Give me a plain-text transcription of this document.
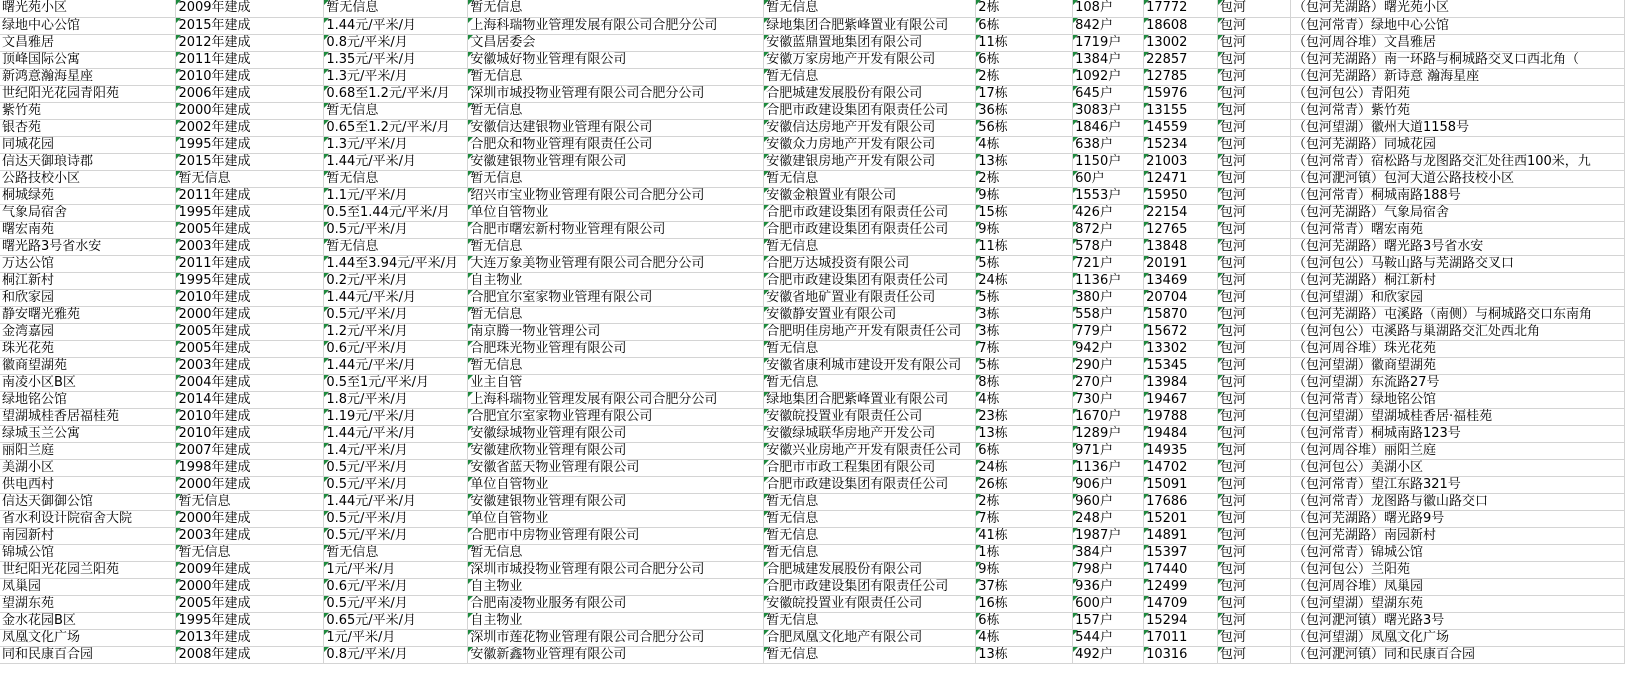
曙光苑小区	2009年建成	暂无信息	暂无信息	暂无信息	2栋	108户	17772	包河	（包河芜湖路）曙光苑小区
绿地中心公馆	2015年建成	1.44元/平米/月	上海科瑞物业管理发展有限公司合肥分公司	绿地集团合肥紫峰置业有限公司	6栋	842户	18608	包河	（包河常青）绿地中心公馆
文昌雅居	2012年建成	0.8元/平米/月	文昌居委会	安徽蓝鼎置地集团有限公司	11栋	1719户	13002	包河	（包河周谷堆）文昌雅居
顶峰国际公寓	2011年建成	1.35元/平米/月	安徽城好物业管理有限公司	安徽万家房地产开发有限公司	6栋	1384户	22857	包河	（包河芜湖路）南一环路与桐城路交叉口西北角（
新鸿意瀚海星座	2010年建成	1.3元/平米/月	暂无信息	暂无信息	2栋	1092户	12785	包河	（包河芜湖路）新诗意 瀚海星座
世纪阳光花园青阳苑	2006年建成	0.68至1.2元/平米/月	深圳市城投物业管理有限公司合肥分公司	合肥城建发展股份有限公司	17栋	645户	15976	包河	（包河包公）青阳苑
紫竹苑	2000年建成	暂无信息	暂无信息	合肥市政建设集团有限责任公司	36栋	3083户	13155	包河	（包河常青）紫竹苑
银杏苑	2002年建成	0.65至1.2元/平米/月	安徽信达建银物业管理有限公司	安徽信达房地产开发有限公司	56栋	1846户	14559	包河	（包河望湖）徽州大道1158号
同城花园	1995年建成	1.3元/平米/月	合肥众和物业管理有限责任公司	安徽众力房地产开发有限公司	4栋	638户	15234	包河	（包河芜湖路）同城花园
信达天御琅诗郡	2015年建成	1.44元/平米/月	安徽建银物业管理有限公司	安徽建银房地产开发有限公司	13栋	1150户	21003	包河	（包河常青）宿松路与龙图路交汇处往西100米，九
公路技校小区	暂无信息	暂无信息	暂无信息	暂无信息	2栋	60户	12471	包河	（包河淝河镇）包河大道公路技校小区
桐城绿苑	2011年建成	1.1元/平米/月	绍兴市宝业物业管理有限公司合肥分公司	安徽金粮置业有限公司	9栋	1553户	15950	包河	（包河常青）桐城南路188号
气象局宿舍	1995年建成	0.5至1.44元/平米/月	单位自管物业	合肥市政建设集团有限责任公司	15栋	426户	22154	包河	（包河芜湖路）气象局宿舍
曙宏南苑	2005年建成	0.5元/平米/月	合肥市曙宏新村物业管理有限公司	合肥市政建设集团有限责任公司	9栋	872户	12765	包河	（包河常青）曙宏南苑
曙光路3号省水安	2003年建成	暂无信息	暂无信息	暂无信息	11栋	578户	13848	包河	（包河芜湖路）曙光路3号省水安
万达公馆	2011年建成	1.44至3.94元/平米/月	大连万象美物业管理有限公司合肥分公司	合肥万达城投资有限公司	5栋	721户	20191	包河	（包河包公）马鞍山路与芜湖路交叉口
桐江新村	1995年建成	0.2元/平米/月	自主物业	合肥市政建设集团有限责任公司	24栋	1136户	13469	包河	（包河芜湖路）桐江新村
和欣家园	2010年建成	1.44元/平米/月	合肥宜尔室家物业管理有限公司	安徽省地矿置业有限责任公司	5栋	380户	20704	包河	（包河望湖）和欣家园
静安曙光雅苑	2000年建成	0.5元/平米/月	暂无信息	安徽静安置业有限公司	3栋	558户	15870	包河	（包河芜湖路）屯溪路（南侧）与桐城路交口东南角
金湾嘉园	2005年建成	1.2元/平米/月	南京腾一物业管理公司	合肥明佳房地产开发有限责任公司	3栋	779户	15672	包河	（包河包公）屯溪路与巢湖路交汇处西北角
珠光花苑	2005年建成	0.6元/平米/月	合肥珠光物业管理有限公司	暂无信息	7栋	942户	13302	包河	（包河周谷堆）珠光花苑
徽商望湖苑	2003年建成	1.44元/平米/月	暂无信息	安徽省康利城市建设开发有限公司	5栋	290户	15345	包河	（包河望湖）徽商望湖苑
南凌小区B区	2004年建成	0.5至1元/平米/月	业主自管	暂无信息	8栋	270户	13984	包河	（包河望湖）东流路27号
绿地铭公馆	2014年建成	1.8元/平米/月	上海科瑞物业管理发展有限公司合肥分公司	绿地集团合肥紫峰置业有限公司	4栋	730户	19467	包河	（包河常青）绿地铭公馆
望湖城桂香居福桂苑	2010年建成	1.19元/平米/月	合肥宜尔室家物业管理有限公司	安徽皖投置业有限责任公司	23栋	1670户	19788	包河	（包河望湖）望湖城桂香居·福桂苑
绿城玉兰公寓	2010年建成	1.44元/平米/月	安徽绿城物业管理有限公司	安徽绿城联华房地产开发公司	13栋	1289户	19484	包河	（包河常青）桐城南路123号
丽阳兰庭	2007年建成	1.4元/平米/月	安徽建欣物业管理有限公司	安徽兴业房地产开发有限责任公司	6栋	971户	14935	包河	（包河周谷堆）丽阳兰庭
美湖小区	1998年建成	0.5元/平米/月	安徽省蓝天物业管理有限公司	合肥市市政工程集团有限公司	24栋	1136户	14702	包河	（包河包公）美湖小区
供电西村	2000年建成	0.5元/平米/月	单位自管物业	合肥市政建设集团有限责任公司	26栋	906户	15091	包河	（包河常青）望江东路321号
信达天御御公馆	暂无信息	1.44元/平米/月	安徽建银物业管理有限公司	暂无信息	2栋	960户	17686	包河	（包河常青）龙图路与徽山路交口
省水利设计院宿舍大院	2000年建成	0.5元/平米/月	单位自管物业	暂无信息	7栋	248户	15201	包河	（包河芜湖路）曙光路9号
南园新村	2003年建成	0.5元/平米/月	合肥市中房物业管理有限公司	暂无信息	41栋	1987户	14891	包河	（包河芜湖路）南园新村
锦城公馆	暂无信息	暂无信息	暂无信息	暂无信息	1栋	384户	15397	包河	（包河常青）锦城公馆
世纪阳光花园兰阳苑	2009年建成	1元/平米/月	深圳市城投物业管理有限公司合肥分公司	合肥城建发展股份有限公司	9栋	798户	17440	包河	（包河包公）兰阳苑
凤巢园	2000年建成	0.6元/平米/月	自主物业	合肥市政建设集团有限责任公司	37栋	936户	12499	包河	（包河周谷堆）凤巢园
望湖东苑	2005年建成	0.5元/平米/月	合肥南凌物业服务有限公司	安徽皖投置业有限责任公司	16栋	600户	14709	包河	（包河望湖）望湖东苑
金水花园B区	1995年建成	0.65元/平米/月	自主物业	暂无信息	6栋	157户	15294	包河	（包河淝河镇）曙光路3号
凤凰文化广场	2013年建成	1元/平米/月	深圳市莲花物业管理有限公司合肥分公司	合肥凤凰文化地产有限公司	4栋	544户	17011	包河	（包河望湖）凤凰文化广场
同和民康百合园	2008年建成	0.8元/平米/月	安徽新鑫物业管理有限公司	暂无信息	13栋	492户	10316	包河	（包河淝河镇）同和民康百合园
